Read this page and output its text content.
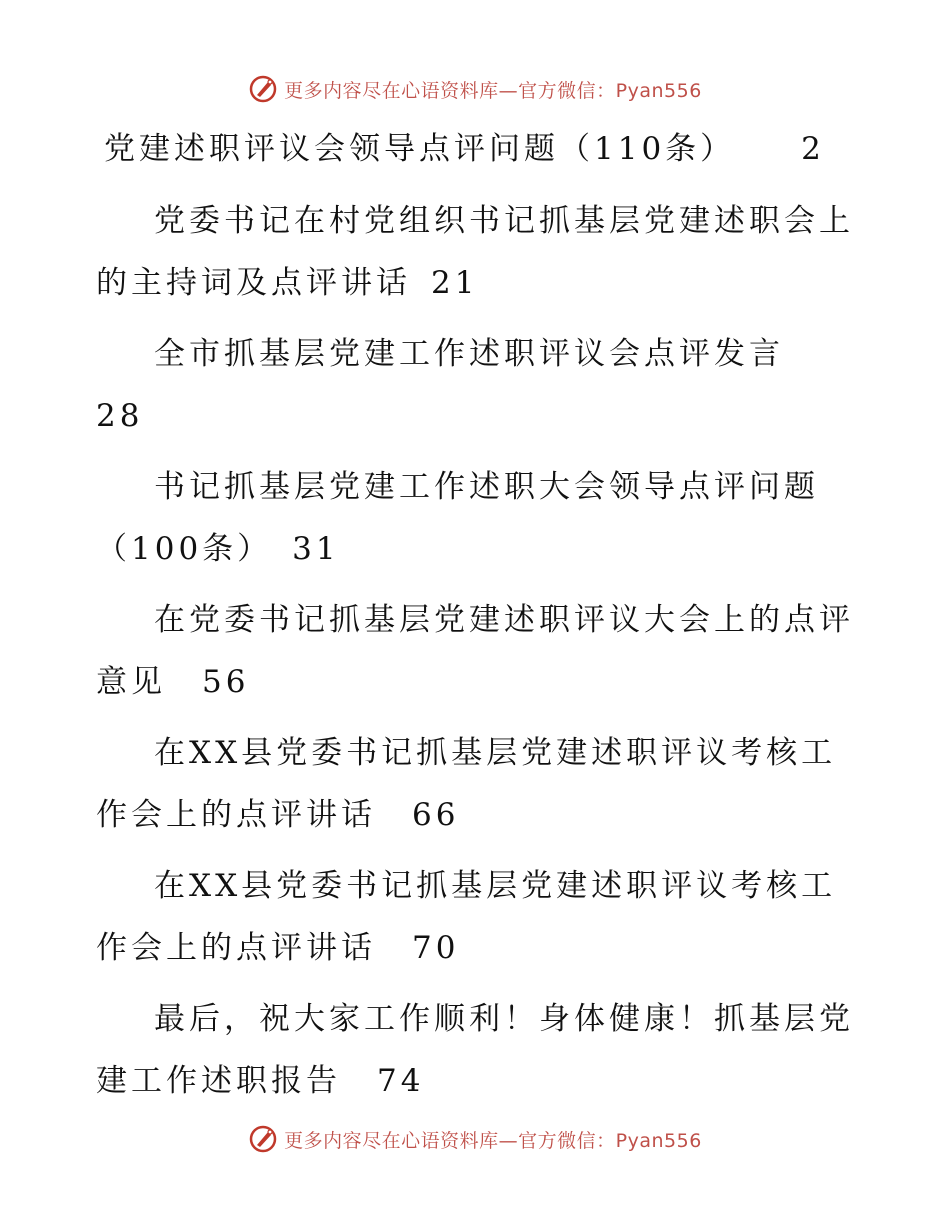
更多内容尽在心语资料库—官方微信：Pyan556
党建述职评议会领导点评问题（110条） 2
党委书记在村党组织书记抓基层党建述职会上的主持词及点评讲话 21
全市抓基层党建工作述职评议会点评发言
28
书记抓基层党建工作述职大会领导点评问题（100条） 31
在党委书记抓基层党建述职评议大会上的点评意见 56
在XX县党委书记抓基层党建述职评议考核工作会上的点评讲话 66
在XX县党委书记抓基层党建述职评议考核工作会上的点评讲话 70
最后，祝大家工作顺利！身体健康！抓基层党建工作述职报告 74
更多内容尽在心语资料库—官方微信：Pyan556
